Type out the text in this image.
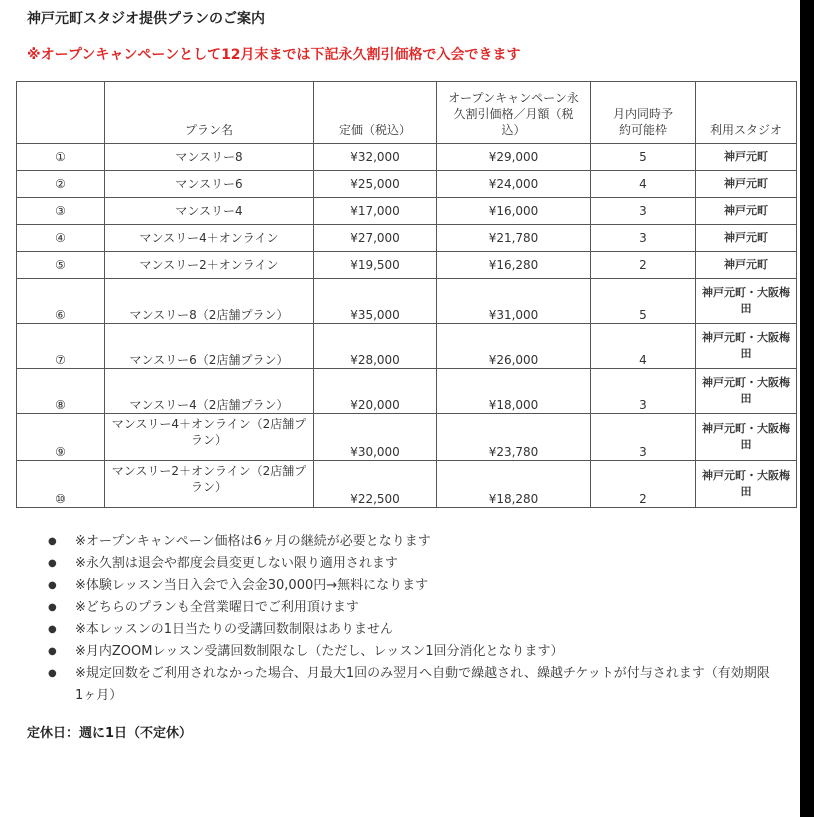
神戸元町スタジオ提供プランのご案内
※オープンキャンペーンとして12月末までは下記永久割引価格で入会できます
	プラン名	定価（税込）	オープンキャンペーン永久割引価格／月額（税込）	月内同時予約可能枠	利用スタジオ
①	マンスリー8	¥32,000	¥29,000	5	神戸元町
②	マンスリー6	¥25,000	¥24,000	4	神戸元町
③	マンスリー4	¥17,000	¥16,000	3	神戸元町
④	マンスリー4＋オンライン	¥27,000	¥21,780	3	神戸元町
⑤	マンスリー2＋オンライン	¥19,500	¥16,280	2	神戸元町
⑥	マンスリー8（2店舗プラン）	¥35,000	¥31,000	5	神戸元町・大阪梅田
⑦	マンスリー6（2店舗プラン）	¥28,000	¥26,000	4	神戸元町・大阪梅田
⑧	マンスリー4（2店舗プラン）	¥20,000	¥18,000	3	神戸元町・大阪梅田
⑨	マンスリー4＋オンライン（2店舗プラン）	¥30,000	¥23,780	3	神戸元町・大阪梅田
⑩	マンスリー2＋オンライン（2店舗プラン）	¥22,500	¥18,280	2	神戸元町・大阪梅田
● ※オープンキャンペーン価格は6ヶ月の継続が必要となります
● ※永久割は退会や都度会員変更しない限り適用されます
● ※体験レッスン当日入会で入会金30,000円→無料になります
● ※どちらのプランも全営業曜日でご利用頂けます
● ※本レッスンの1日当たりの受講回数制限はありません
● ※月内ZOOMレッスン受講回数制限なし（ただし、レッスン1回分消化となります）
● ※規定回数をご利用されなかった場合、月最大1回のみ翌月へ自動で繰越され、繰越チケットが付与されます（有効期限1ヶ月）
定休日：週に1日（不定休）
